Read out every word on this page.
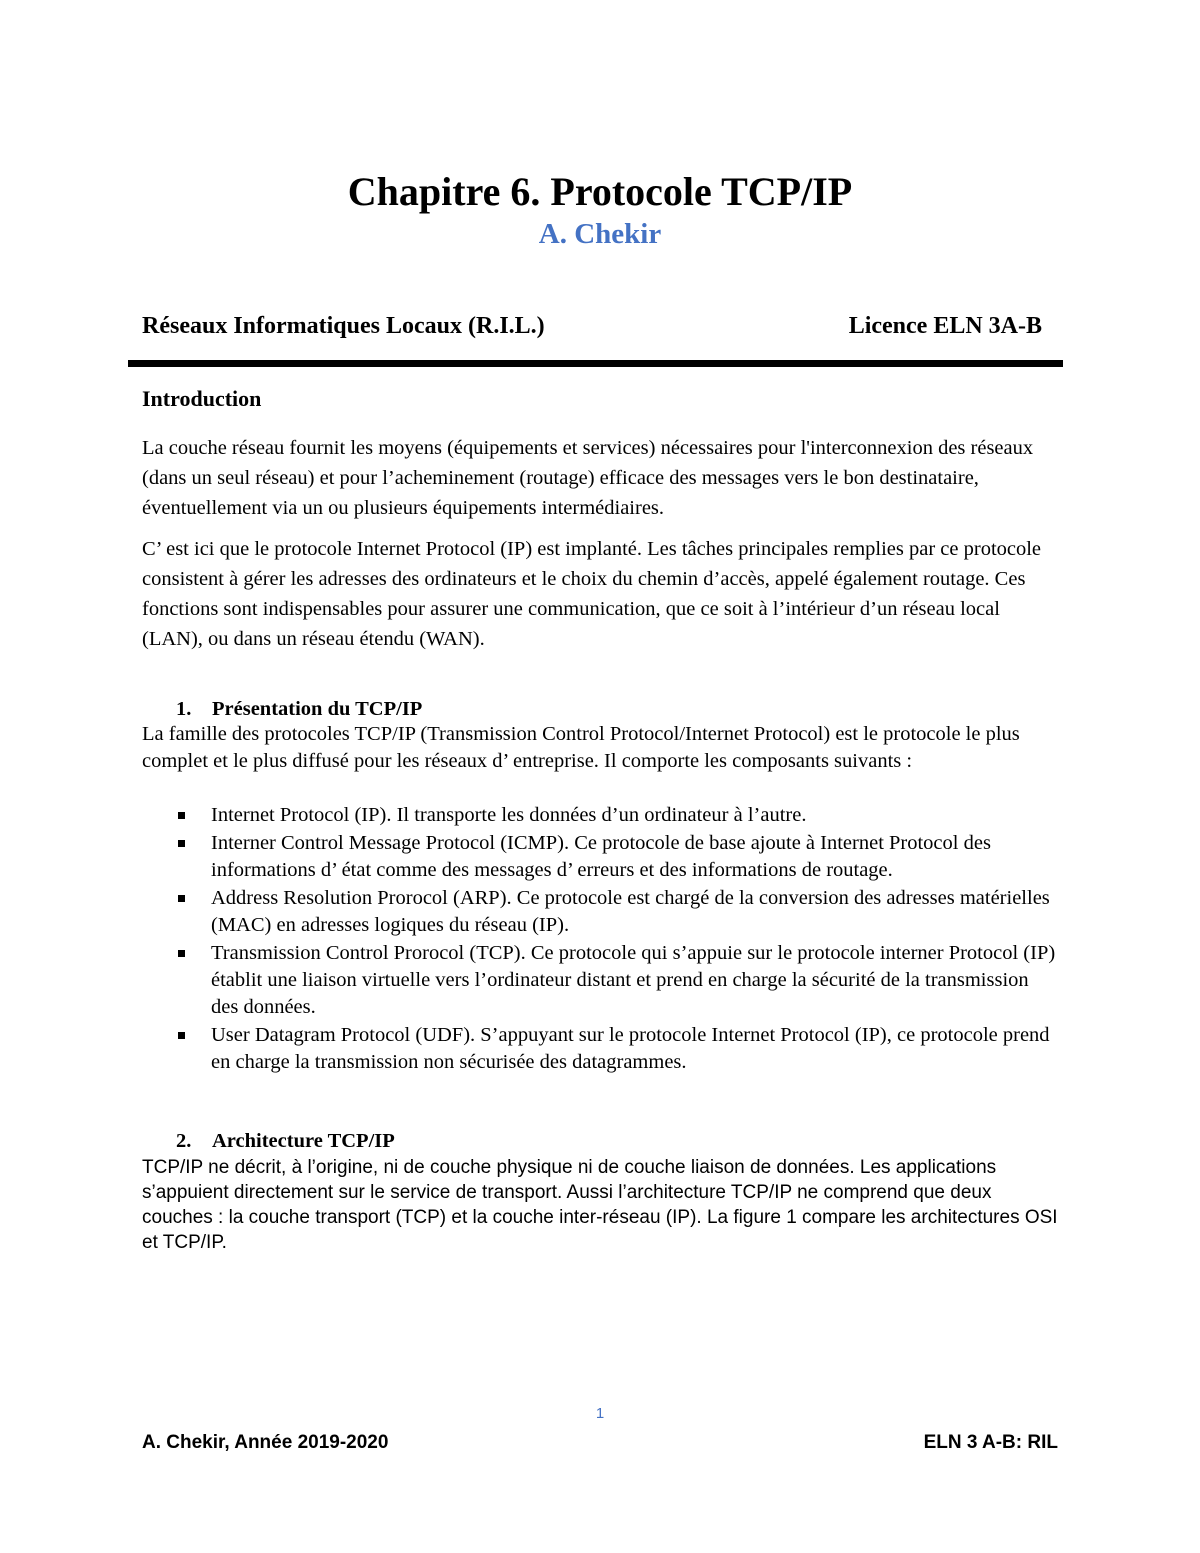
Chapitre 6. Protocole TCP/IP
A. Chekir
Réseaux Informatiques Locaux (R.I.L.)	Licence ELN 3A-B
Introduction
La couche réseau fournit les moyens (équipements et services) nécessaires pour l'interconnexion des réseaux (dans un seul réseau) et pour l’acheminement (routage) efficace des messages vers le bon destinataire, éventuellement via un ou plusieurs équipements intermédiaires.
C’ est ici que le protocole Internet Protocol (IP) est implanté. Les tâches principales remplies par ce protocole consistent à gérer les adresses des ordinateurs et le choix du chemin d’accès, appelé également routage. Ces fonctions sont indispensables pour assurer une communication, que ce soit à l’intérieur d’un réseau local (LAN), ou dans un réseau étendu (WAN).
1. Présentation du TCP/IP
La famille des protocoles TCP/IP (Transmission Control Protocol/Internet Protocol) est le protocole le plus complet et le plus diffusé pour les réseaux d’ entreprise. Il comporte les composants suivants :
Internet Protocol (IP). Il transporte les données d’un ordinateur à l’autre.
Interner Control Message Protocol (ICMP). Ce protocole de base ajoute à Internet Protocol des informations d’ état comme des messages d’ erreurs et des informations de routage.
Address Resolution Prorocol (ARP). Ce protocole est chargé de la conversion des adresses matérielles (MAC) en adresses logiques du réseau (IP).
Transmission Control Prorocol (TCP). Ce protocole qui s’appuie sur le protocole interner Protocol (IP) établit une liaison virtuelle vers l’ordinateur distant et prend en charge la sécurité de la transmission des données.
User Datagram Protocol (UDF). S’appuyant sur le protocole Internet Protocol (IP), ce protocole prend en charge la transmission non sécurisée des datagrammes.
2. Architecture TCP/IP
TCP/IP ne décrit, à l’origine, ni de couche physique ni de couche liaison de données. Les applications s’appuient directement sur le service de transport. Aussi l’architecture TCP/IP ne comprend que deux couches : la couche transport (TCP) et la couche inter-réseau (IP). La figure 1 compare les architectures OSI et TCP/IP.
1
A. Chekir, Année 2019-2020	ELN 3 A-B: RIL
